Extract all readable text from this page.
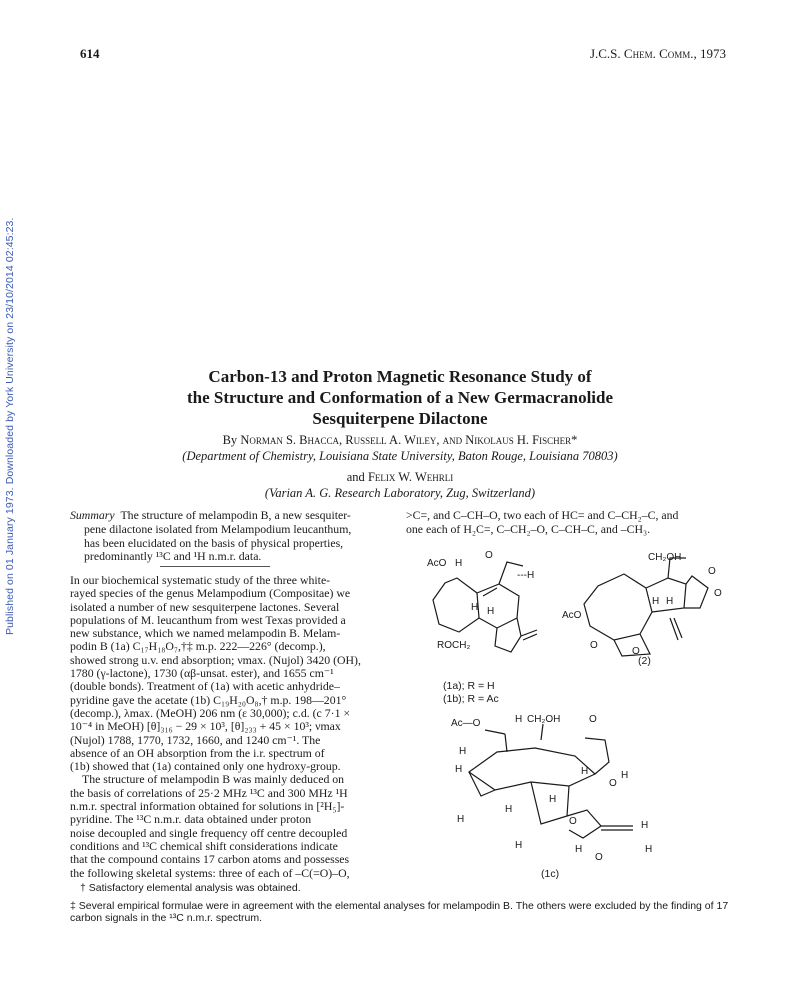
Published on 01 January 1973. Downloaded by York University on 23/10/2014 02:45:23.
614	J.C.S. Chem. Comm., 1973
Carbon-13 and Proton Magnetic Resonance Study of
the Structure and Conformation of a New Germacranolide
Sesquiterpene Dilactone
By Norman S. Bhacca, Russell A. Wiley, and Nikolaus H. Fischer*
(Department of Chemistry, Louisiana State University, Baton Rouge, Louisiana 70803)
and Felix W. Wehrli
(Varian A. G. Research Laboratory, Zug, Switzerland)
Summary The structure of melampodin B, a new sesquiter-
pene dilactone isolated from Melampodium leucanthum,
has been elucidated on the basis of physical properties,
predominantly ¹³C and ¹H n.m.r. data.
>C=, and C–CH–O, two each of HC= and C–CH₂–C, and
one each of H₂C=, C–CH₂–O, C–CH–C, and –CH₃.
In our biochemical systematic study of the three white-
rayed species of the genus Melampodium (Compositae) we
isolated a number of new sesquiterpene lactones. Several
populations of M. leucanthum from west Texas provided a
new substance, which we named melampodin B. Melam-
podin B (1a) C₁₇H₁₈O₇,†‡ m.p. 222—226° (decomp.),
showed strong u.v. end absorption; νmax. (Nujol) 3420 (OH),
1780 (γ-lactone), 1730 (αβ-unsat. ester), and 1655 cm⁻¹
(double bonds). Treatment of (1a) with acetic anhydride–
pyridine gave the acetate (1b) C₁₉H₂₀O₈,† m.p. 198—201°
(decomp.), λmax. (MeOH) 206 nm (ε 30,000); c.d. (c 7·1 ×
10⁻⁴ in MeOH) [θ]₃₁₆ − 29 × 10³, [θ]₂₃₃ + 45 × 10³; νmax
(Nujol) 1788, 1770, 1732, 1660, and 1240 cm⁻¹. The
absence of an OH absorption from the i.r. spectrum of
(1b) showed that (1a) contained only one hydroxy-group.
The structure of melampodin B was mainly deduced on
the basis of correlations of 25·2 MHz ¹³C and 300 MHz ¹H
n.m.r. spectral information obtained for solutions in [²H₅]-
pyridine. The ¹³C n.m.r. data obtained under proton
noise decoupled and single frequency off centre decoupled
conditions and ¹³C chemical shift considerations indicate
that the compound contains 17 carbon atoms and possesses
the following skeletal systems: three of each of –C(=O)–O,
† Satisfactory elemental analysis was obtained.
‡ Several empirical formulae were in agreement with the elemental analyses for melampodin B. The others were excluded by the finding of 17 carbon signals in the ¹³C n.m.r. spectrum.
AcO H
O
---H
H H
ROCH₂
(1a); R = H
(1b); R = Ac
CH₂OH
O
O
H H
AcO
O
O
(2)
Ac—O	H CH₂OH	O
O
H
H
H
H	H
H
H
O
H	H
O
H
H
(1c)
